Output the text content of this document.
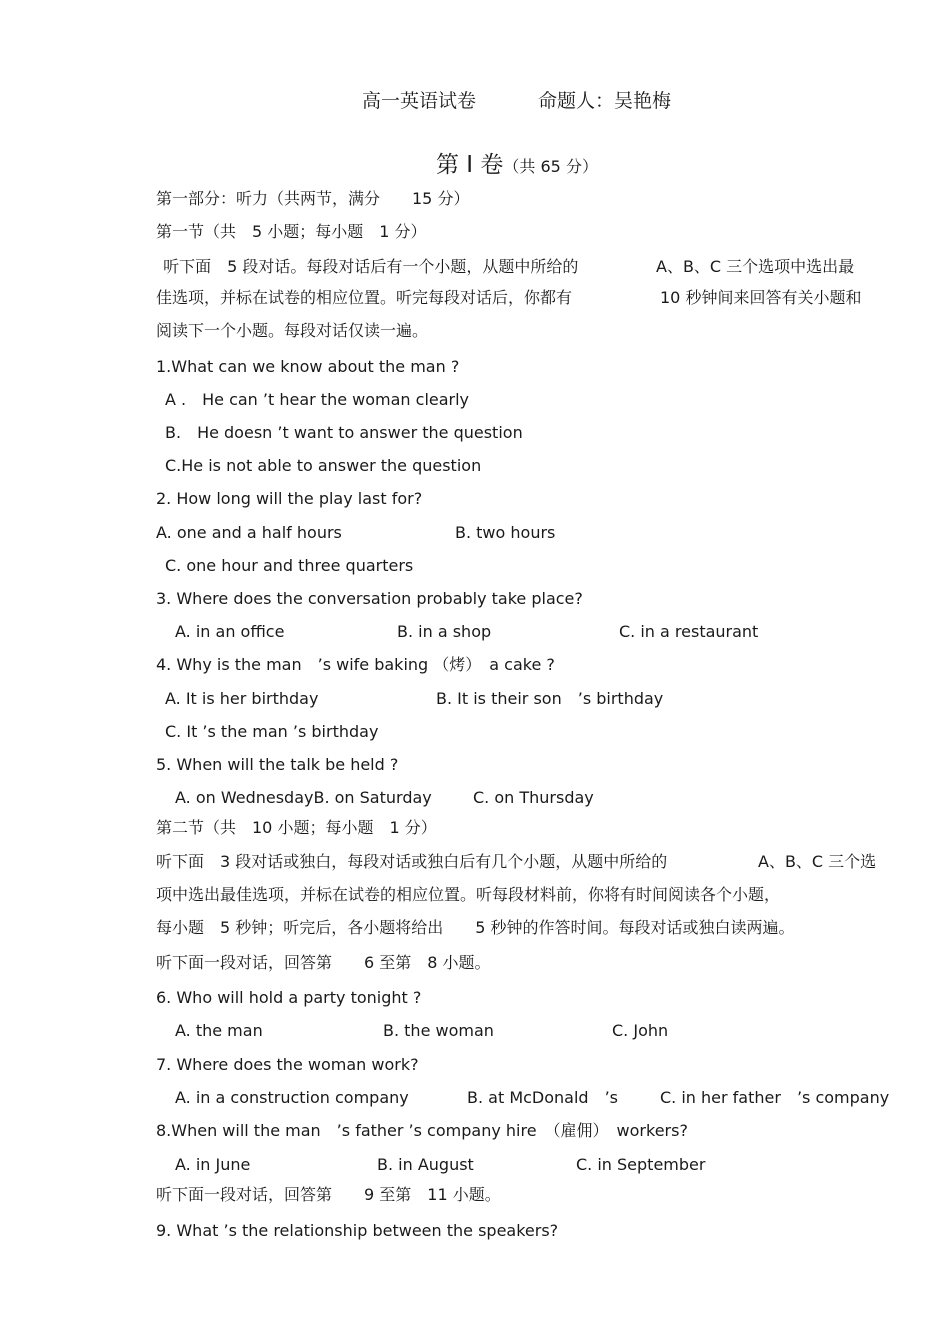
高一英语试卷	命题人：吴艳梅
第 I 卷（共 65 分）
第一部分：听力（共两节，满分　　15 分）
第一节（共　5 小题；每小题　1 分）
听下面　5 段对话。每段对话后有一个小题，从题中所给的	A、B、C 三个选项中选出最
佳选项，并标在试卷的相应位置。听完每段对话后，你都有	10 秒钟间来回答有关小题和
阅读下一个小题。每段对话仅读一遍。
1.What can we know about the man ?
A .　He can ’t hear the woman clearly
B.　He doesn ’t want to answer the question
C.He is not able to answer the question
2. How long will the play last for?
A. one and a half hours	B. two hours
C. one hour and three quarters
3. Where does the conversation probably take place?
A. in an office	B. in a shop	C. in a restaurant
4. Why is the man　’s wife baking （烤）　a cake ?
A. It is her birthday	B. It is their son　’s birthday
C. It ’s the man ’s birthday
5. When will the talk be held ?
A. on WednesdayB. on Saturday	C. on Thursday
第二节（共　10 小题；每小题　1 分）
听下面　3 段对话或独白，每段对话或独白后有几个小题，从题中所给的	A、B、C 三个选
项中选出最佳选项，并标在试卷的相应位置。听每段材料前，你将有时间阅读各个小题，
每小题　5 秒钟；听完后，各小题将给出　　5 秒钟的作答时间。每段对话或独白读两遍。
听下面一段对话，回答第　　6 至第　8 小题。
6. Who will hold a party tonight ?
A. the man	B. the woman	C. John
7. Where does the woman work?
A. in a construction company	B. at McDonald　’s	C. in her father　’s company
8.When will the man　’s father ’s company hire　（雇佣）　workers?
A. in June	B. in August	C. in September
听下面一段对话，回答第　　9 至第　11 小题。
9. What ’s the relationship between the speakers?
